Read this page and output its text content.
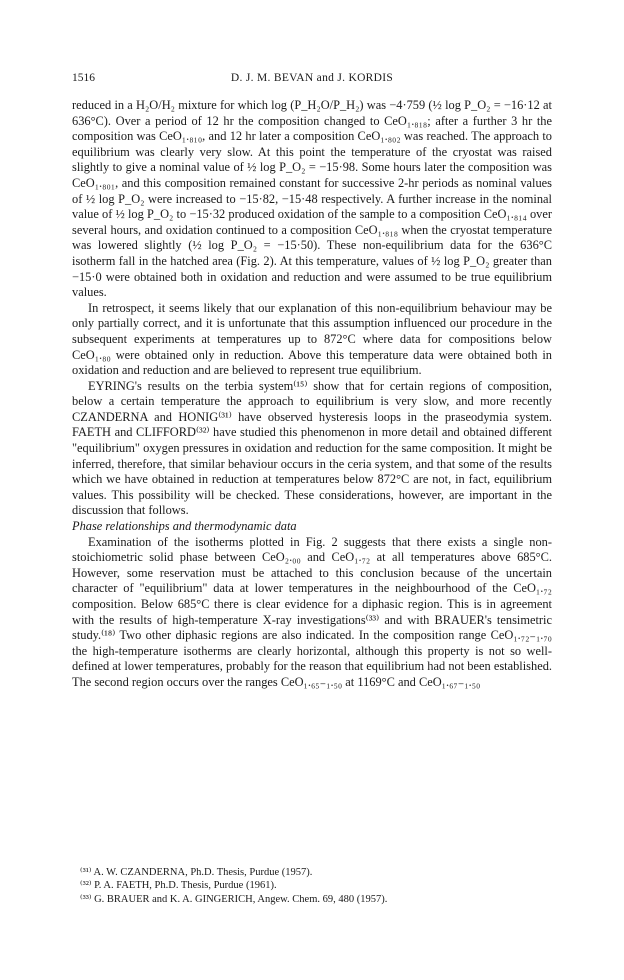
1516	D. J. M. BEVAN and J. KORDIS

reduced in a H₂O/H₂ mixture for which log (P_H₂O/P_H₂) was −4·759 (½ log P_O₂ = −16·12 at 636°C). Over a period of 12 hr the composition changed to CeO₁.₈₁₈; after a further 3 hr the composition was CeO₁.₈₁₀, and 12 hr later a composition CeO₁.₈₀₂ was reached. The approach to equilibrium was clearly very slow. At this point the temperature of the cryostat was raised slightly to give a nominal value of ½ log P_O₂ = −15·98. Some hours later the composition was CeO₁.₈₀₁, and this composition remained constant for successive 2-hr periods as nominal values of ½ log P_O₂ were increased to −15·82, −15·48 respectively. A further increase in the nominal value of ½ log P_O₂ to −15·32 produced oxidation of the sample to a composition CeO₁.₈₁₄ over several hours, and oxidation continued to a composition CeO₁.₈₁₈ when the cryostat temperature was lowered slightly (½ log P_O₂ = −15·50). These non-equilibrium data for the 636°C isotherm fall in the hatched area (Fig. 2). At this temperature, values of ½ log P_O₂ greater than −15·0 were obtained both in oxidation and reduction and were assumed to be true equilibrium values.

In retrospect, it seems likely that our explanation of this non-equilibrium behaviour may be only partially correct, and it is unfortunate that this assumption influenced our procedure in the subsequent experiments at temperatures up to 872°C where data for compositions below CeO₁.₈₀ were obtained only in reduction. Above this temperature data were obtained both in oxidation and reduction and are believed to represent true equilibrium.

EYRING's results on the terbia system⁽¹⁵⁾ show that for certain regions of composition, below a certain temperature the approach to equilibrium is very slow, and more recently CZANDERNA and HONIG⁽³¹⁾ have observed hysteresis loops in the praseodymia system. FAETH and CLIFFORD⁽³²⁾ have studied this phenomenon in more detail and obtained different "equilibrium" oxygen pressures in oxidation and reduction for the same composition. It might be inferred, therefore, that similar behaviour occurs in the ceria system, and that some of the results which we have obtained in reduction at temperatures below 872°C are not, in fact, equilibrium values. This possibility will be checked. These considerations, however, are important in the discussion that follows.

Phase relationships and thermodynamic data

Examination of the isotherms plotted in Fig. 2 suggests that there exists a single non-stoichiometric solid phase between CeO₂.₀₀ and CeO₁.₇₂ at all temperatures above 685°C. However, some reservation must be attached to this conclusion because of the uncertain character of "equilibrium" data at lower temperatures in the neighbourhood of the CeO₁.₇₂ composition. Below 685°C there is clear evidence for a diphasic region. This is in agreement with the results of high-temperature X-ray investigations⁽³³⁾ and with BRAUER's tensimetric study.⁽¹⁸⁾ Two other diphasic regions are also indicated. In the composition range CeO₁.₇₂₋₁.₇₀ the high-temperature isotherms are clearly horizontal, although this property is not so well-defined at lower temperatures, probably for the reason that equilibrium had not been established. The second region occurs over the ranges CeO₁.₆₅₋₁.₅₀ at 1169°C and CeO₁.₆₇₋₁.₅₀

⁽³¹⁾ A. W. CZANDERNA, Ph.D. Thesis, Purdue (1957).
⁽³²⁾ P. A. FAETH, Ph.D. Thesis, Purdue (1961).
⁽³³⁾ G. BRAUER and K. A. GINGERICH, Angew. Chem. 69, 480 (1957).
